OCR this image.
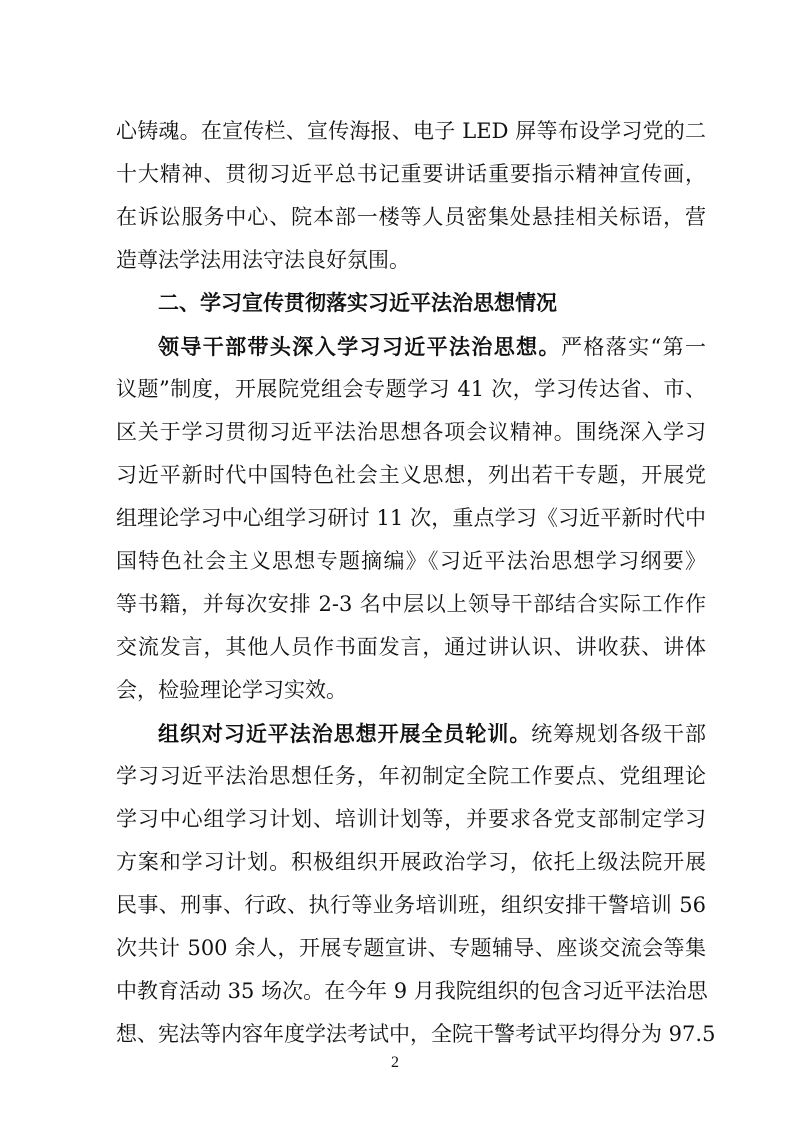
心铸魂。在宣传栏、宣传海报、电子 LED 屏等布设学习党的二
十大精神、贯彻习近平总书记重要讲话重要指示精神宣传画，
在诉讼服务中心、院本部一楼等人员密集处悬挂相关标语，营
造尊法学法用法守法良好氛围。
二、学习宣传贯彻落实习近平法治思想情况
领导干部带头深入学习习近平法治思想。严格落实“第一
议题”制度，开展院党组会专题学习 41 次，学习传达省、市、
区关于学习贯彻习近平法治思想各项会议精神。围绕深入学习
习近平新时代中国特色社会主义思想，列出若干专题，开展党
组理论学习中心组学习研讨 11 次，重点学习《习近平新时代中
国特色社会主义思想专题摘编》《习近平法治思想学习纲要》
等书籍，并每次安排 2-3 名中层以上领导干部结合实际工作作
交流发言，其他人员作书面发言，通过讲认识、讲收获、讲体
会，检验理论学习实效。
组织对习近平法治思想开展全员轮训。统筹规划各级干部
学习习近平法治思想任务，年初制定全院工作要点、党组理论
学习中心组学习计划、培训计划等，并要求各党支部制定学习
方案和学习计划。积极组织开展政治学习，依托上级法院开展
民事、刑事、行政、执行等业务培训班，组织安排干警培训 56
次共计 500 余人，开展专题宣讲、专题辅导、座谈交流会等集
中教育活动 35 场次。在今年 9 月我院组织的包含习近平法治思
想、宪法等内容年度学法考试中，全院干警考试平均得分为 97.5
2
